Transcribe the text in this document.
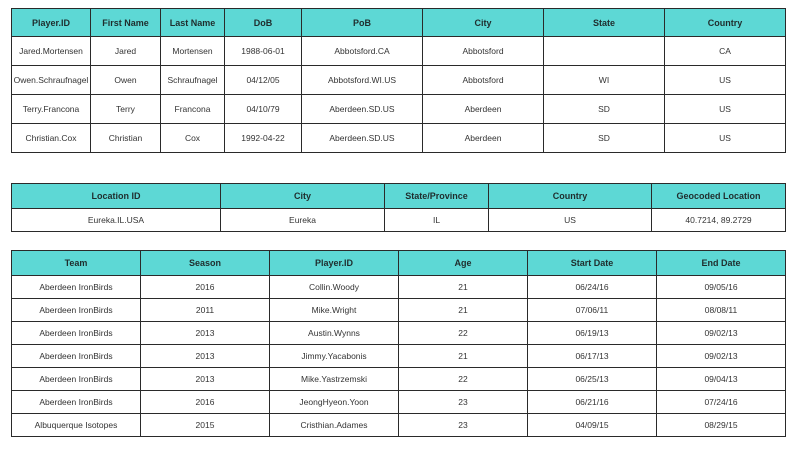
Player.ID	First Name	Last Name	DoB	PoB	City	State	Country
Jared.Mortensen	Jared	Mortensen	1988-06-01	Abbotsford.CA	Abbotsford		CA
Owen.Schraufnagel	Owen	Schraufnagel	04/12/05	Abbotsford.WI.US	Abbotsford	WI	US
Terry.Francona	Terry	Francona	04/10/79	Aberdeen.SD.US	Aberdeen	SD	US
Christian.Cox	Christian	Cox	1992-04-22	Aberdeen.SD.US	Aberdeen	SD	US
Location ID	City	State/Province	Country	Geocoded Location
Eureka.IL.USA	Eureka	IL	US	40.7214, 89.2729
Team	Season	Player.ID	Age	Start Date	End Date
Aberdeen IronBirds	2016	Collin.Woody	21	06/24/16	09/05/16
Aberdeen IronBirds	2011	Mike.Wright	21	07/06/11	08/08/11
Aberdeen IronBirds	2013	Austin.Wynns	22	06/19/13	09/02/13
Aberdeen IronBirds	2013	Jimmy.Yacabonis	21	06/17/13	09/02/13
Aberdeen IronBirds	2013	Mike.Yastrzemski	22	06/25/13	09/04/13
Aberdeen IronBirds	2016	JeongHyeon.Yoon	23	06/21/16	07/24/16
Albuquerque Isotopes	2015	Cristhian.Adames	23	04/09/15	08/29/15
